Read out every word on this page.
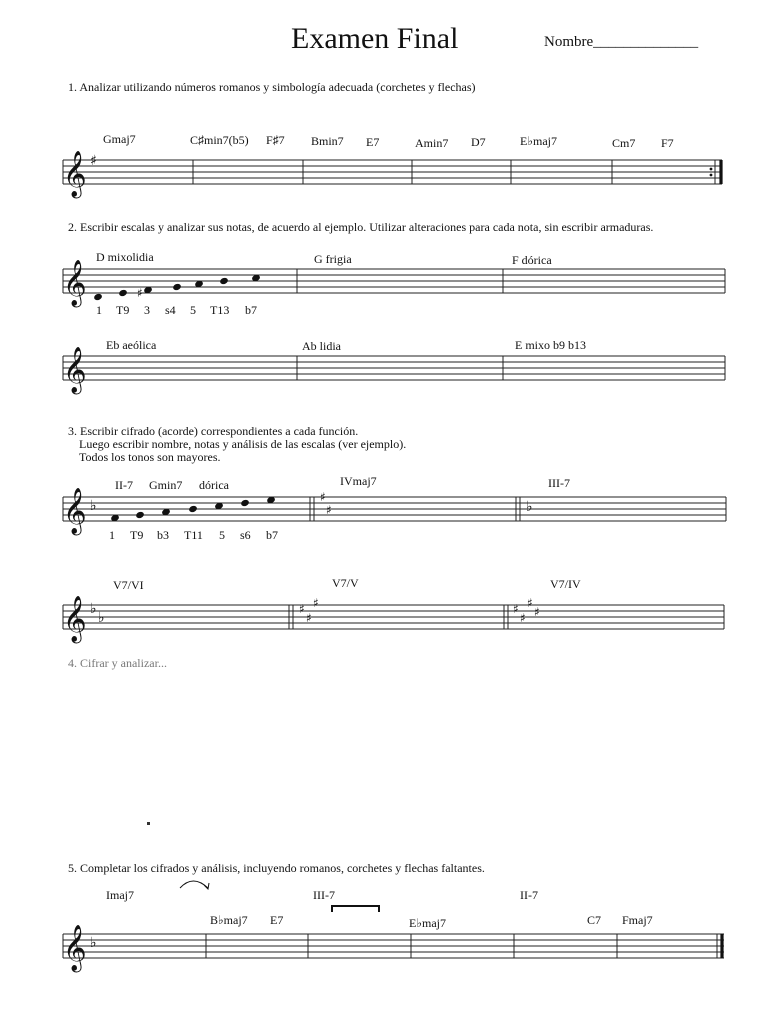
Examen Final	Nombre______________
1. Analizar utilizando números romanos y simbología adecuada (corchetes y flechas)
Gmaj7	C♯min7(b5) F♯7 Bmin7 E7	Amin7 D7	E♭maj7	Cm7 F7
2. Escribir escalas y analizar sus notas, de acuerdo al ejemplo. Utilizar alteraciones para cada nota, sin escribir armaduras.
D mixolidia	G frigia	F dórica
1 T9 3 s4 5 T13 b7
Eb aeólica	Ab lidia	E mixo b9 b13
3. Escribir cifrado (acorde) correspondientes a cada función.
Luego escribir nombre, notas y análisis de las escalas (ver ejemplo).
Todos los tonos son mayores.
II-7 Gmin7 dórica	IVmaj7	III-7
1 T9 b3 T11 5 s6 b7
V7/VI	V7/V	V7/IV
4. Cifrar y analizar...
5. Completar los cifrados y análisis, incluyendo romanos, corchetes y flechas faltantes.
Imaj7	III-7	II-7
B♭maj7 E7	E♭maj7	C7 Fmaj7
𝄞 ♯
𝄞	♯
𝄞
𝄞 ♭
♯
♯	♭
𝄞 ♭
♭
♯
♯
♯	♯
♯
♯
♯
𝄞 ♭
